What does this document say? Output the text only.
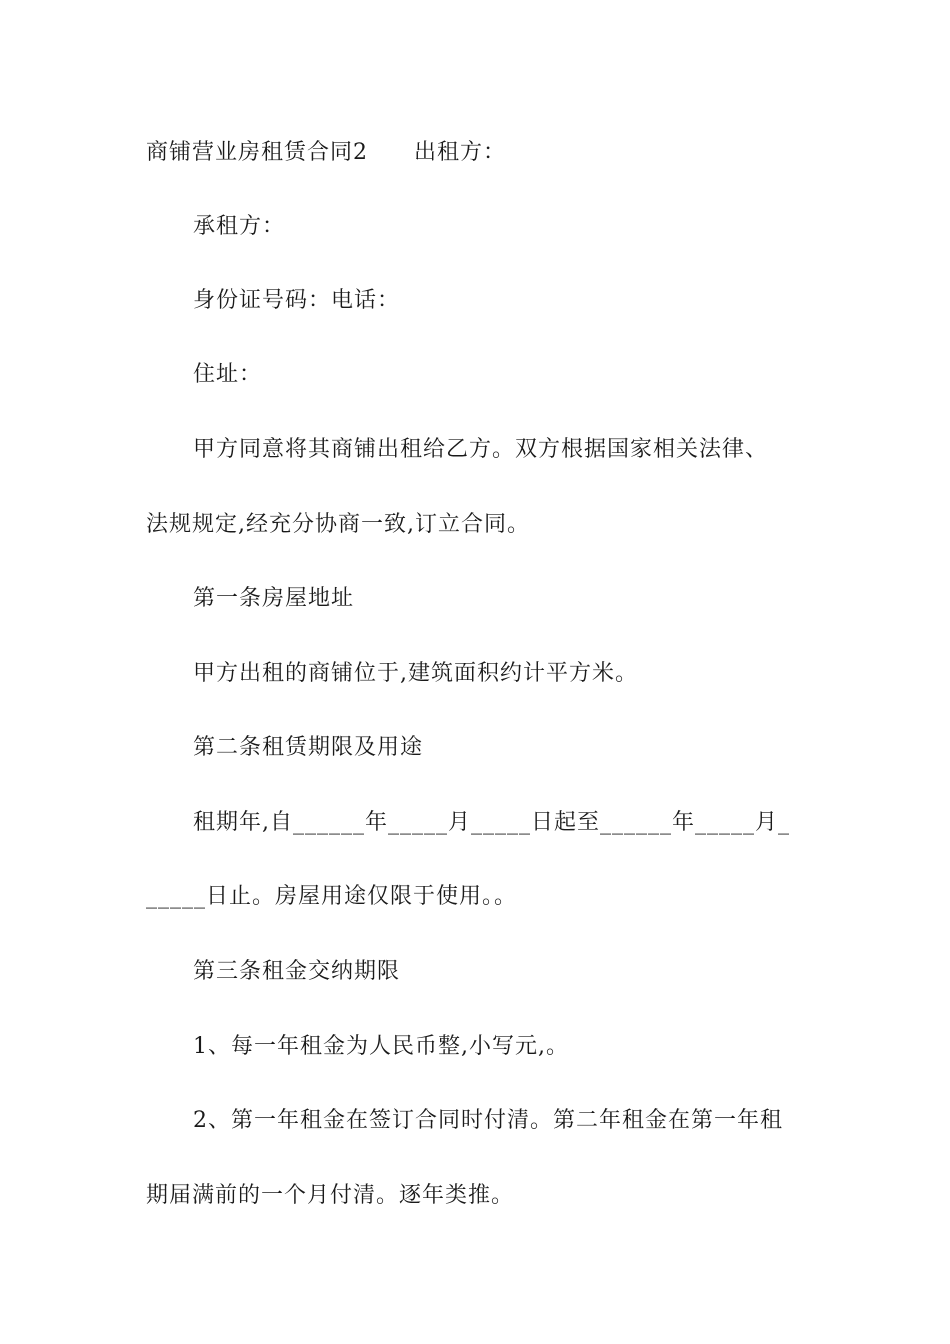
商铺营业房租赁合同2 出租方：
承租方：
身份证号码：电话：
住址：
甲方同意将其商铺出租给乙方。双方根据国家相关法律、
法规规定,经充分协商一致,订立合同。
第一条房屋地址
甲方出租的商铺位于,建筑面积约计平方米。
第二条租赁期限及用途
租期年,自______年_____月_____日起至______年_____月_
_____日止。房屋用途仅限于使用。。
第三条租金交纳期限
1、每一年租金为人民币整,小写元,。
2、第一年租金在签订合同时付清。第二年租金在第一年租
期届满前的一个月付清。逐年类推。
